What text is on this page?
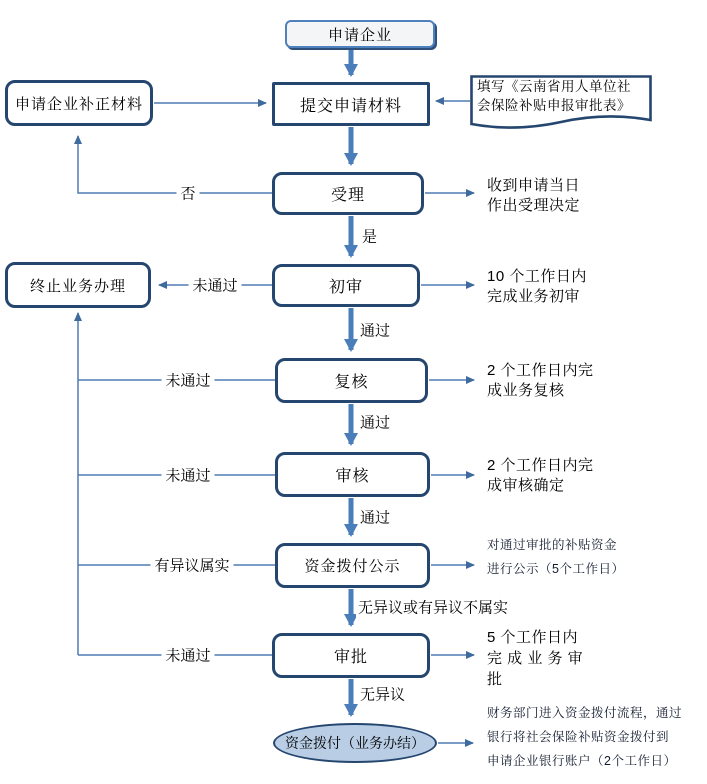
申请企业
提交申请材料
申请企业补正材料
填写《云南省用人单位社
会保险补贴申报审批表》
受理
终止业务办理	初审
复核
审核
资金拨付公示
审批
资金拨付（业务办结）
否
是
未通过
通过
未通过
通过
未通过
通过
有异议属实
无异议或有异议不属实
未通过
无异议
收到申请当日
作出受理决定
10 个工作日内
完成业务初审
2 个工作日内完
成业务复核
2 个工作日内完
成审核确定
对通过审批的补贴资金
进行公示（5个工作日）
5 个工作日内
完 成 业 务 审
批
财务部门进入资金拨付流程，通过
银行将社会保险补贴资金拨付到
申请企业银行账户（2个工作日）
